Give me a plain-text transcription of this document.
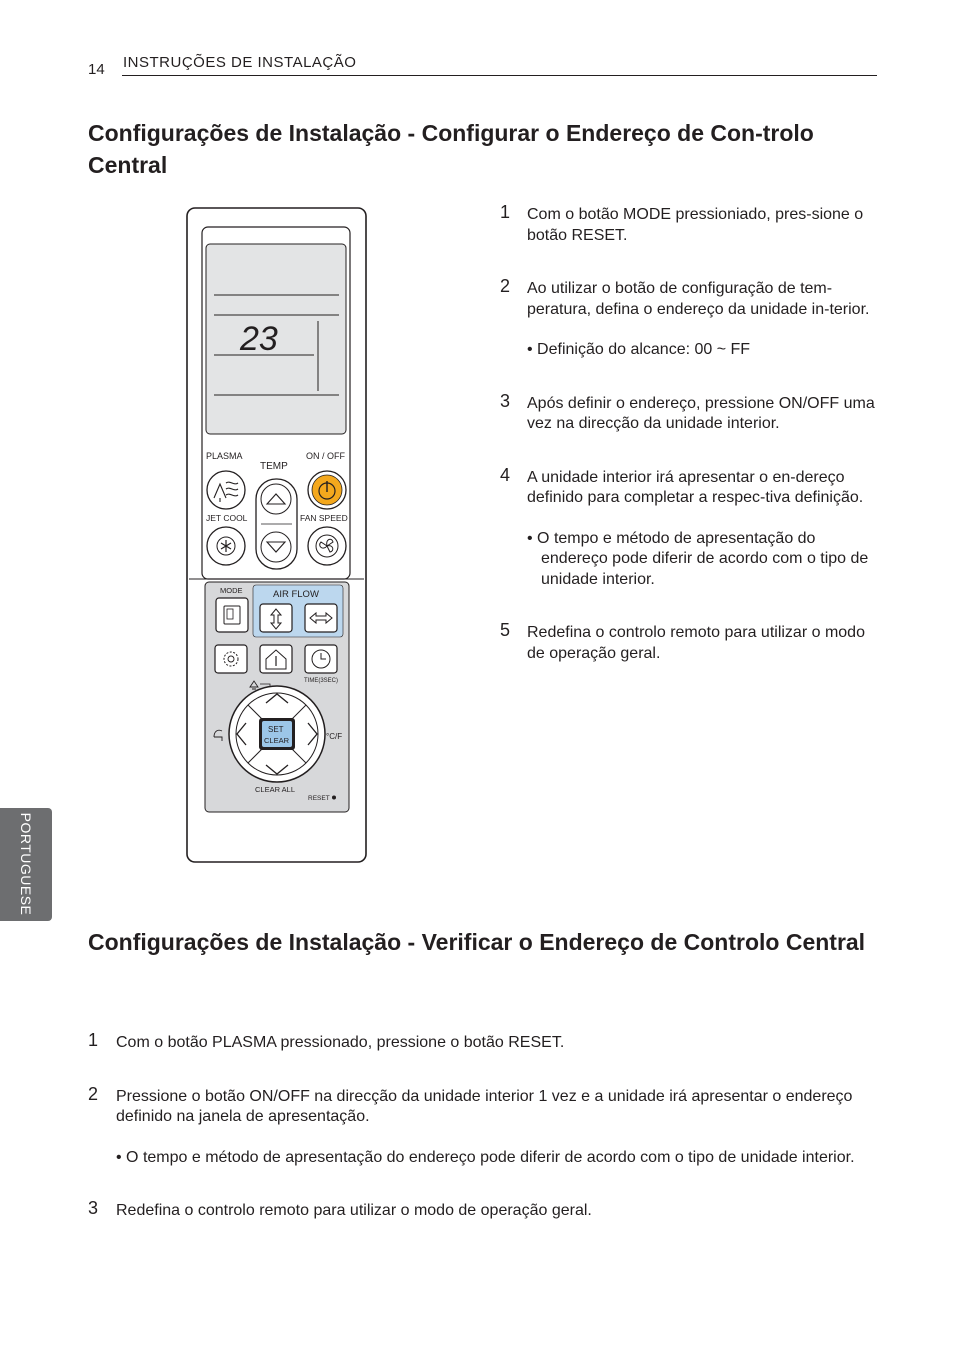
14 INSTRUÇÕES DE INSTALAÇÃO
Configurações de Instalação - Configurar o Endereço de Con-trolo Central
1 Com o botão MODE pressioniado, pres-sione o botão RESET.

2 Ao utilizar o botão de configuração de tem-peratura, defina o endereço da unidade in-terior.

• Definição do alcance: 00 ~ FF

3 Após definir o endereço, pressione ON/OFF uma vez na direcção da unidade interior.

4 A unidade interior irá apresentar o en-dereço definido para completar a respec-tiva definição.

• O tempo e método de apresentação do endereço pode diferir de acordo com o tipo de unidade interior.

5 Redefina o controlo remoto para utilizar o modo de operação geral.

23
PLASMA
TEMP
ON / OFF
JET COOL	FAN SPEED
MODE	AIR FLOW
TIME(3SEC)
SET
CLEAR	°C/F
CLEAR ALL
RESET
PORTUGUESE
Configurações de Instalação - Verificar o Endereço de Controlo Central
1 Com o botão PLASMA pressionado, pressione o botão RESET.

2 Pressione o botão ON/OFF na direcção da unidade interior 1 vez e a unidade irá apresentar o endereço definido na janela de apresentação.

• O tempo e método de apresentação do endereço pode diferir de acordo com o tipo de unidade interior.

3 Redefina o controlo remoto para utilizar o modo de operação geral.
